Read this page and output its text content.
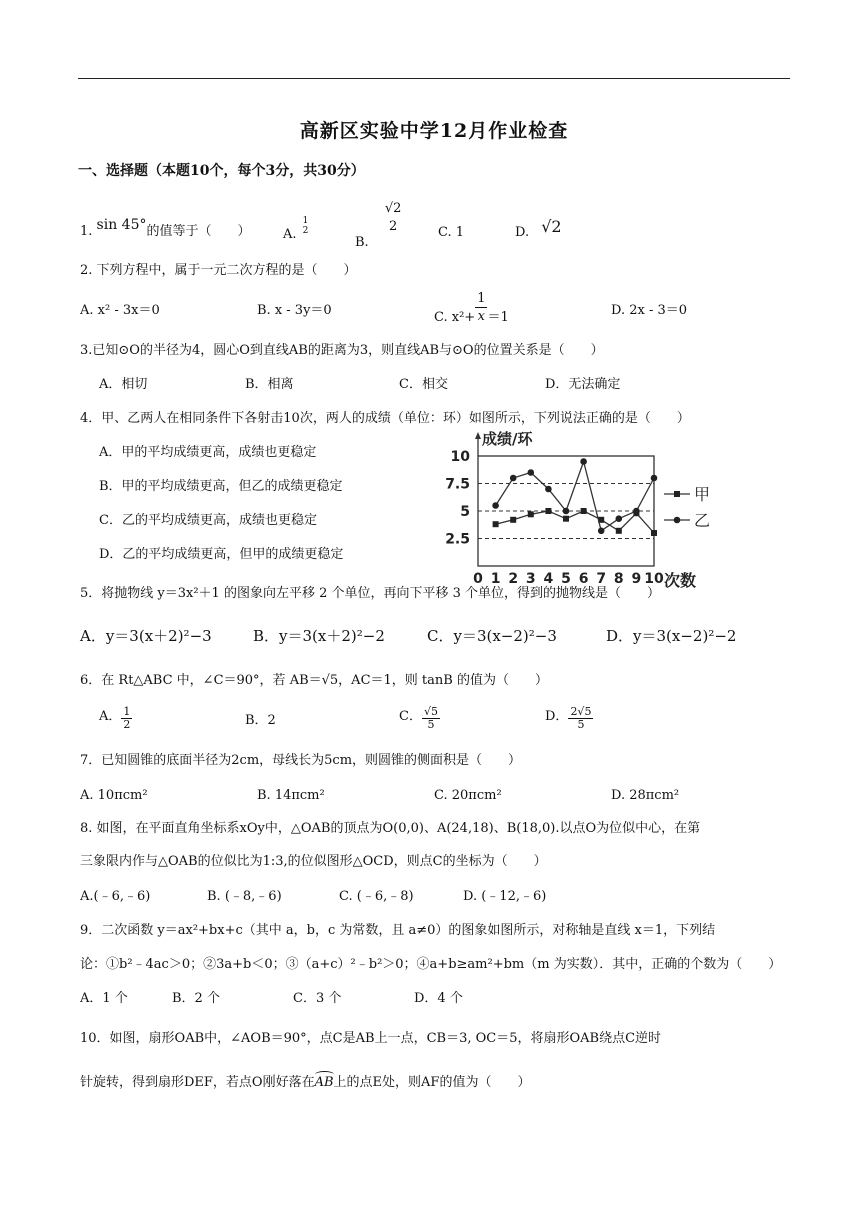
高新区实验中学12月作业检查
一、选择题（本题10个，每个3分，共30分）
1. sin 45°的值等于（　　） A.
1
2
B.
√2
2	C. 1	D. √2
2. 下列方程中，属于一元二次方程的是（　　）
A. x² - 3x＝0	B. x - 3y＝0	C. $x^2+ \frac{1}{x} =1$	D. 2x - 3＝0
3.已知⊙O的半径为4，圆心O到直线AB的距离为3，则直线AB与⊙O的位置关系是（　　）
A．相切	B．相离	C．相交	D．无法确定
4．甲、乙两人在相同条件下各射击10次，两人的成绩（单位：环）如图所示，下列说法正确的是（　　）
A．甲的平均成绩更高，成绩也更稳定
B．甲的平均成绩更高，但乙的成绩更稳定
C．乙的平均成绩更高，成绩也更稳定
D．乙的平均成绩更高，但甲的成绩更稳定
2.5
5
7.5
10
0 1 2 3 4 5 6 7 8 9 10
成绩/环
次数
甲
乙
5．将抛物线 y＝3x²＋1 的图象向左平移 2 个单位，再向下平移 3 个单位，得到的抛物线是（　　）
A．y＝3(x＋2)²−3	B．y＝3(x＋2)²−2	C．y＝3(x−2)²−3	D．y＝3(x−2)²−2
6．在 Rt△ABC 中，∠C＝90°，若 AB＝√5，AC＝1，则 tanB 的值为（　　）
A． $\frac{1}{2}$	B．2	C． $\frac{√5}{5}$	D． $\frac{2√5}{5}$
7．已知圆锥的底面半径为2cm，母线长为5cm，则圆锥的侧面积是（　　）
A. 10πcm²	B. 14πcm²	C. 20πcm²	D. 28πcm²
8. 如图，在平面直角坐标系xOy中，△OAB的顶点为O(0,0)、A(24,18)、B(18,0).以点O为位似中心，在第
三象限内作与△OAB的位似比为1:3,的位似图形△OCD，则点C的坐标为（　　）
A.(﹣6,﹣6)	B. (﹣8,﹣6)	C. (﹣6,﹣8)	D. (﹣12,﹣6)
9．二次函数 y＝ax²+bx+c（其中 a，b，c 为常数，且 a≠0）的图象如图所示，对称轴是直线 x＝1，下列结
论：①b²﹣4ac＞0；②3a+b＜0；③（a+c）²﹣b²＞0；④a+b≥am²+bm（m 为实数）．其中，正确的个数为（　　）
A．1 个	B．2 个	C．3 个	D．4 个
10．如图，扇形OAB中，∠AOB＝90°，点C是AB上一点，CB＝3, OC＝5，将扇形OAB绕点C逆时
针旋转，得到扇形DEF，若点O刚好落在AB上的点E处，则AF的值为（　　）
